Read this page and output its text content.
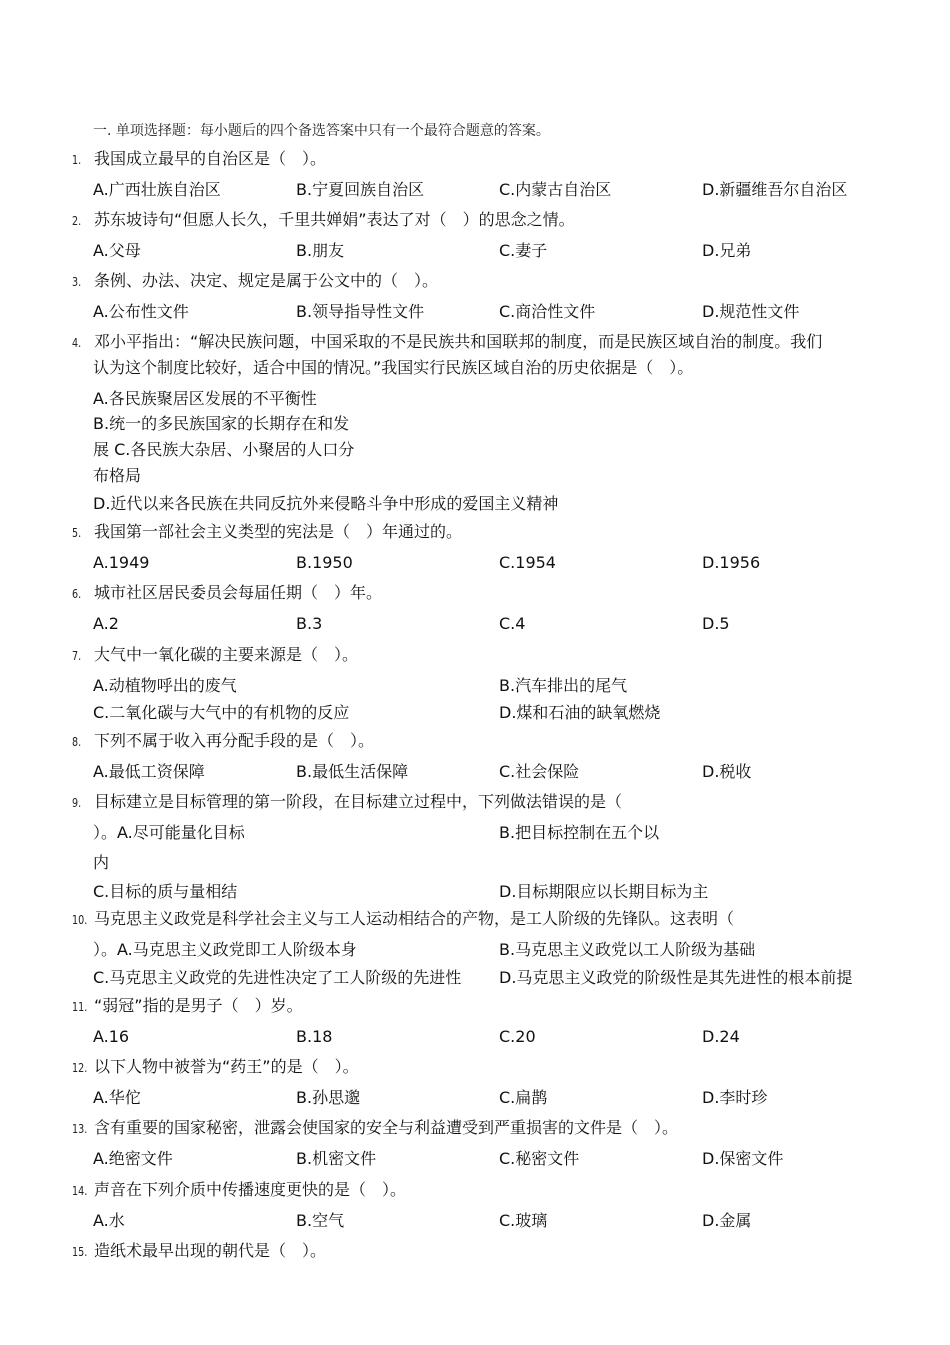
一. 单项选择题：每小题后的四个备选答案中只有一个最符合题意的答案。
1. 我国成立最早的自治区是（　）。
A.广西壮族自治区	B.宁夏回族自治区	C.内蒙古自治区	D.新疆维吾尔自治区
2. 苏东坡诗句“但愿人长久，千里共婵娟”表达了对（　）的思念之情。
A.父母	B.朋友	C.妻子	D.兄弟
3. 条例、办法、决定、规定是属于公文中的（　）。
A.公布性文件	B.领导指导性文件	C.商洽性文件	D.规范性文件
4. 邓小平指出：“解决民族问题，中国采取的不是民族共和国联邦的制度，而是民族区域自治的制度。我们
认为这个制度比较好，适合中国的情况。”我国实行民族区域自治的历史依据是（　）。
A.各民族聚居区发展的不平衡性
B.统一的多民族国家的长期存在和发
展 C.各民族大杂居、小聚居的人口分
布格局
D.近代以来各民族在共同反抗外来侵略斗争中形成的爱国主义精神
5. 我国第一部社会主义类型的宪法是（　）年通过的。
A.1949	B.1950	C.1954	D.1956
6. 城市社区居民委员会每届任期（　）年。
A.2	B.3	C.4	D.5
7. 大气中一氧化碳的主要来源是（　）。
A.动植物呼出的废气	B.汽车排出的尾气
C.二氧化碳与大气中的有机物的反应	D.煤和石油的缺氧燃烧
8. 下列不属于收入再分配手段的是（　）。
A.最低工资保障	B.最低生活保障	C.社会保险	D.税收
9. 目标建立是目标管理的第一阶段，在目标建立过程中，下列做法错误的是（
）。A.尽可能量化目标	B.把目标控制在五个以
内
C.目标的质与量相结	D.目标期限应以长期目标为主
10. 马克思主义政党是科学社会主义与工人运动相结合的产物，是工人阶级的先锋队。这表明（
）。A.马克思主义政党即工人阶级本身	B.马克思主义政党以工人阶级为基础
C.马克思主义政党的先进性决定了工人阶级的先进性 D.马克思主义政党的阶级性是其先进性的根本前提
11. “弱冠”指的是男子（　）岁。
A.16	B.18	C.20	D.24
12. 以下人物中被誉为“药王”的是（　）。
A.华佗	B.孙思邈	C.扁鹊	D.李时珍
13. 含有重要的国家秘密，泄露会使国家的安全与利益遭受到严重损害的文件是（　）。
A.绝密文件	B.机密文件	C.秘密文件	D.保密文件
14. 声音在下列介质中传播速度更快的是（　）。
A.水	B.空气	C.玻璃	D.金属
15. 造纸术最早出现的朝代是（　）。
